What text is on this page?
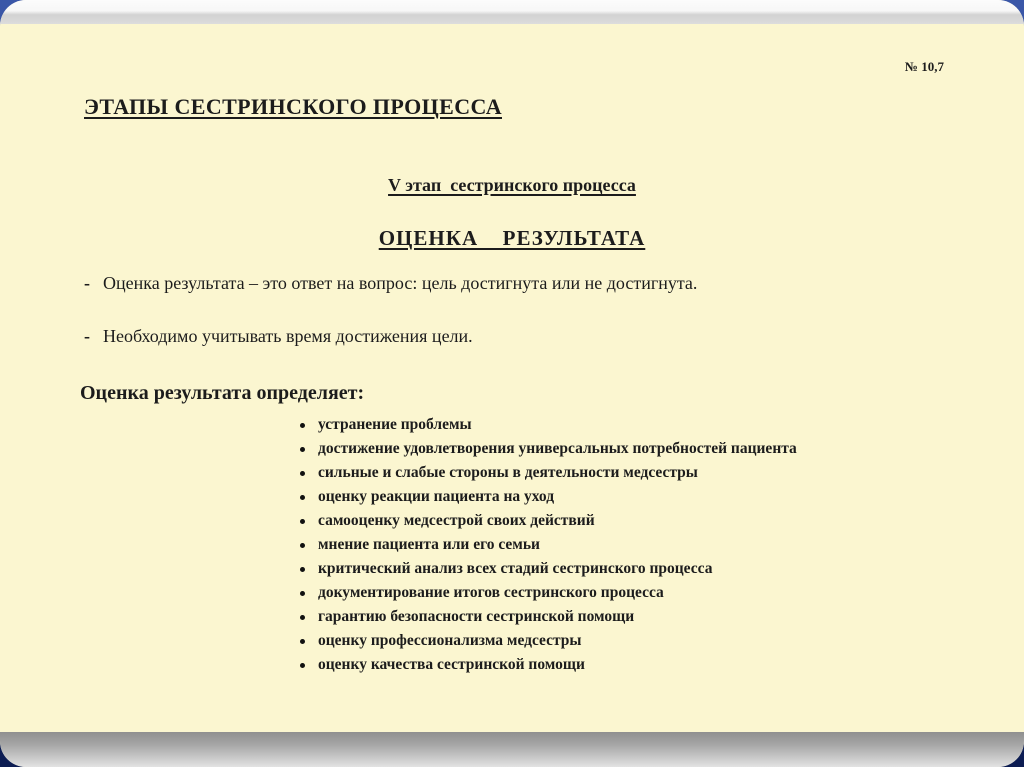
№ 10,7
ЭТАПЫ СЕСТРИНСКОГО ПРОЦЕССА
V этап  сестринского процесса
ОЦЕНКА  РЕЗУЛЬТАТА

- Оценка результата – это ответ на вопрос: цель достигнута или не достигнута.

- Необходимо учитывать время достижения цели.

Оценка результата определяет:

устранение проблемы
достижение удовлетворения универсальных потребностей пациента
сильные и слабые стороны в деятельности медсестры
оценку реакции пациента на уход
самооценку медсестрой своих действий
мнение пациента или его семьи
критический анализ всех стадий сестринского процесса
документирование итогов сестринского процесса
гарантию безопасности сестринской помощи
оценку профессионализма медсестры
оценку качества сестринской помощи
